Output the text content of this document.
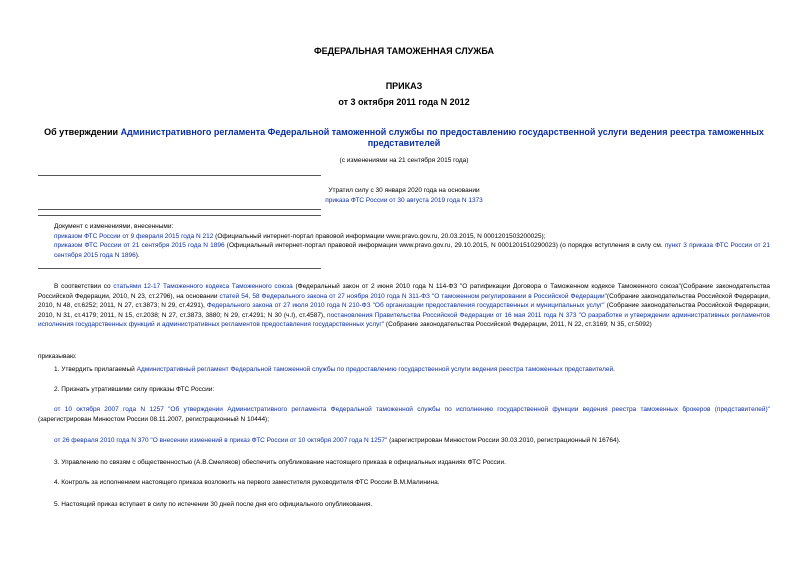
ФЕДЕРАЛЬНАЯ ТАМОЖЕННАЯ СЛУЖБА
ПРИКАЗ
от 3 октября 2011 года N 2012
Об утверждении Административного регламента Федеральной таможенной службы по предоставлению государственной услуги ведения реестра таможенных
представителей
(с изменениями на 21 сентября 2015 года)
Утратил силу с 30 января 2020 года на основании
приказа ФТС России от 30 августа 2019 года N 1373
Документ с изменениями, внесенными:
приказом ФТС России от 9 февраля 2015 года N 212 (Официальный интернет-портал правовой информации www.pravo.gov.ru, 20.03.2015, N 0001201503200025);
приказом ФТС России от 21 сентября 2015 года N 1896 (Официальный интернет-портал правовой информации www.pravo.gov.ru, 29.10.2015, N 0001201510290023) (о порядке вступления в силу см. пункт 3 приказа ФТС России от 21 сентября 2015 года N 1896).
В соответствии со статьями 12-17 Таможенного кодекса Таможенного союза (Федеральный закон от 2 июня 2010 года N 114-ФЗ "О ратификации Договора о Таможенном кодексе Таможенного союза"(Собрание законодательства Российской Федерации, 2010, N 23, ст.2796), на основании статей 54, 58 Федерального закона от 27 ноября 2010 года N 311-ФЗ "О таможенном регулировании в Российской Федерации"(Собрание законодательства Российской Федерации, 2010, N 48, ст.6252; 2011, N 27, ст.3873; N 29, ст.4291), Федерального закона от 27 июля 2010 года N 210-ФЗ "Об организации предоставления государственных и муниципальных услуг" (Собрание законодательства Российской Федерации, 2010, N 31, ст.4179; 2011, N 15, ст.2038; N 27, ст.3873, 3880; N 29, ст.4291; N 30 (ч.I), ст.4587), постановления Правительства Российской Федерации от 16 мая 2011 года N 373 "О разработке и утверждении административных регламентов исполнения государственных функций и административных регламентов предоставления государственных услуг" (Собрание законодательства Российской Федерации, 2011, N 22, ст.3169; N 35, ст.5092)
приказываю:
1. Утвердить прилагаемый Административный регламент Федеральной таможенной службы по предоставлению государственной услуги ведения реестра таможенных представителей.
2. Признать утратившими силу приказы ФТС России:
от 10 октября 2007 года N 1257 "Об утверждении Административного регламента Федеральной таможенной службы по исполнению государственной функции ведения реестра таможенных брокеров (представителей)" (зарегистрирован Минюстом России 08.11.2007, регистрационный N 10444);
от 26 февраля 2010 года N 370 "О внесении изменений в приказ ФТС России от 10 октября 2007 года N 1257" (зарегистрирован Минюстом России 30.03.2010, регистрационный N 16764).
3. Управлению по связям с общественностью (А.В.Смеляков) обеспечить опубликование настоящего приказа в официальных изданиях ФТС России.
4. Контроль за исполнением настоящего приказа возложить на первого заместителя руководителя ФТС России В.М.Малинина.
5. Настоящий приказ вступает в силу по истечении 30 дней после дня его официального опубликования.
